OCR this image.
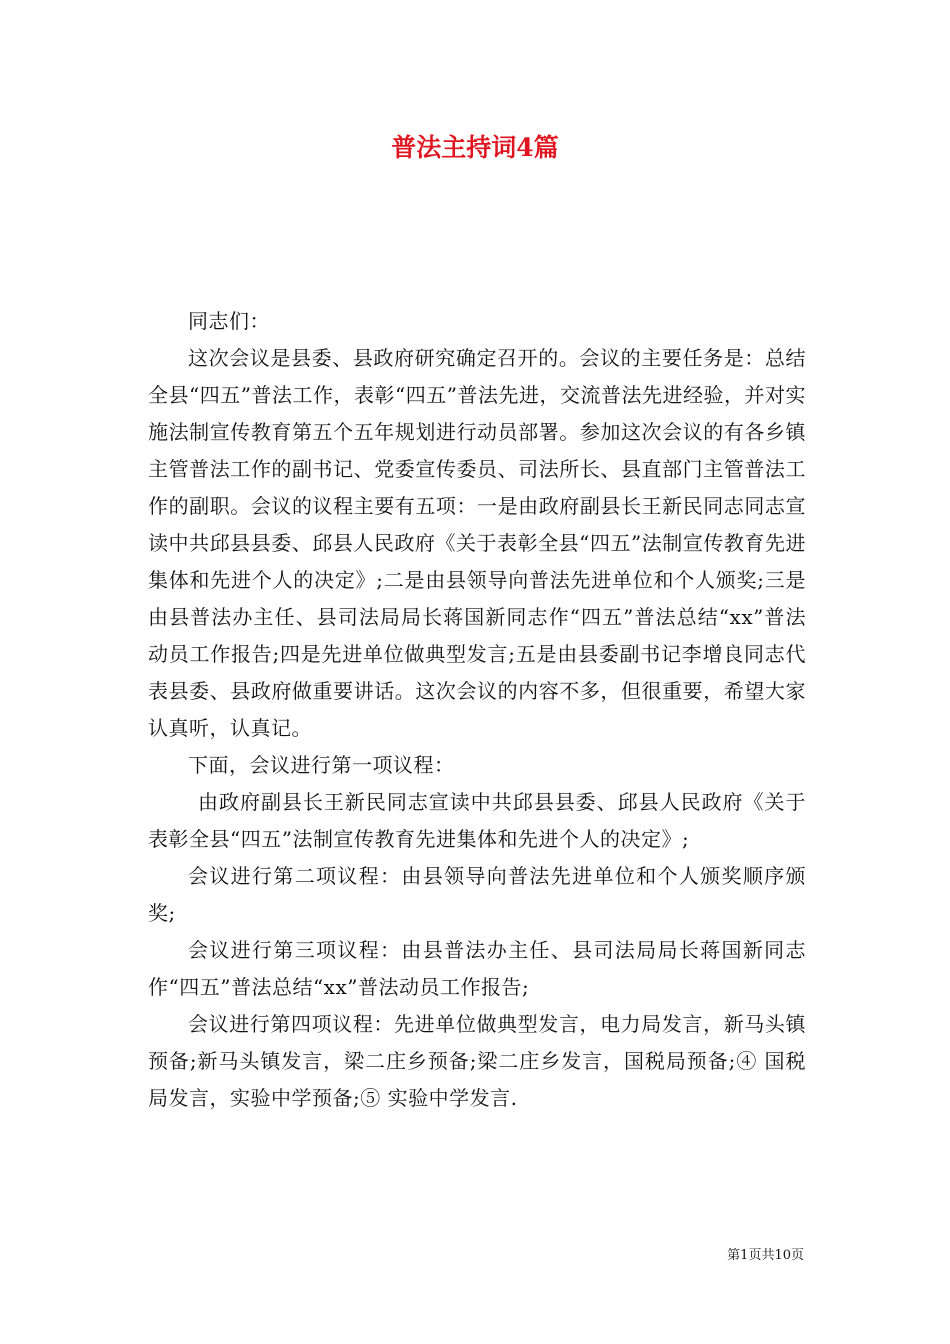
普法主持词4篇

同志们：

这次会议是县委、县政府研究确定召开的。会议的主要任务是：总结全县“四五”普法工作，表彰“四五”普法先进，交流普法先进经验，并对实施法制宣传教育第五个五年规划进行动员部署。参加这次会议的有各乡镇主管普法工作的副书记、党委宣传委员、司法所长、县直部门主管普法工作的副职。会议的议程主要有五项：一是由政府副县长王新民同志同志宣读中共邱县县委、邱县人民政府《关于表彰全县“四五”法制宣传教育先进集体和先进个人的决定》;二是由县领导向普法先进单位和个人颁奖;三是由县普法办主任、县司法局局长蒋国新同志作“四五”普法总结“xx”普法动员工作报告;四是先进单位做典型发言;五是由县委副书记李增良同志代表县委、县政府做重要讲话。这次会议的内容不多，但很重要，希望大家认真听，认真记。

下面，会议进行第一项议程：

由政府副县长王新民同志宣读中共邱县县委、邱县人民政府《关于表彰全县“四五”法制宣传教育先进集体和先进个人的决定》;

会议进行第二项议程：由县领导向普法先进单位和个人颁奖顺序颁奖;

会议进行第三项议程：由县普法办主任、县司法局局长蒋国新同志作“四五”普法总结“xx”普法动员工作报告;

会议进行第四项议程：先进单位做典型发言，电力局发言，新马头镇预备;新马头镇发言，梁二庄乡预备;梁二庄乡发言，国税局预备;④ 国税局发言，实验中学预备;⑤ 实验中学发言.

第1页共10页
